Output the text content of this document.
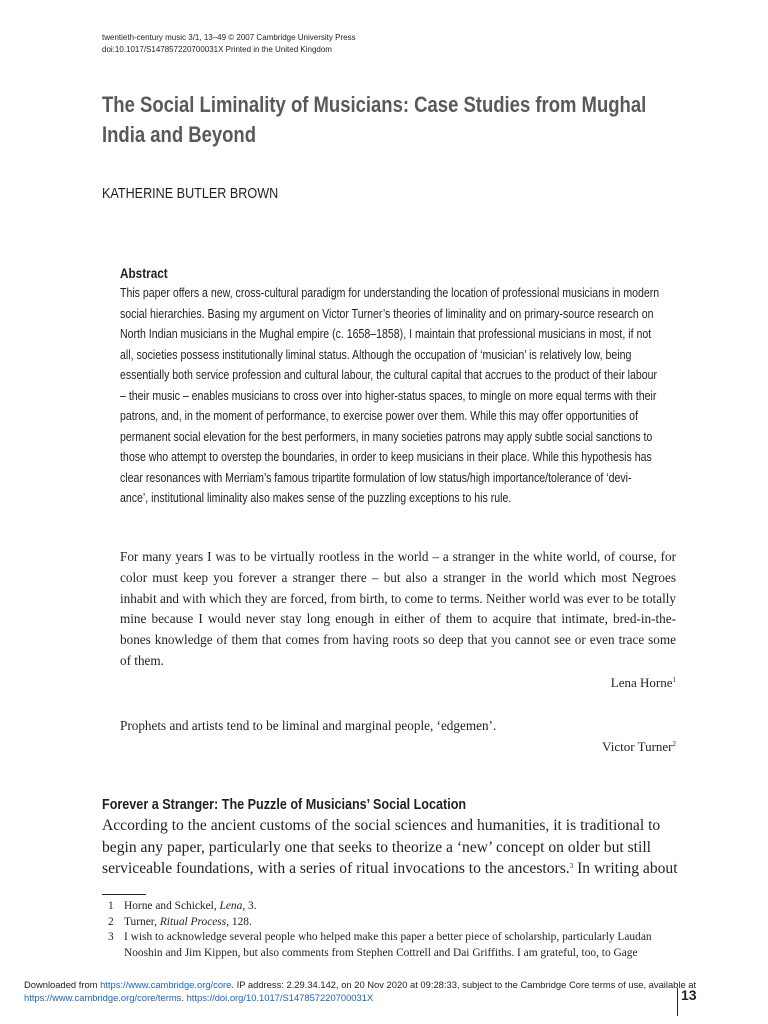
twentieth-century music 3/1, 13–49 © 2007 Cambridge University Press
doi:10.1017/S147857220700031X Printed in the United Kingdom
The Social Liminality of Musicians: Case Studies from Mughal
India and Beyond
KATHERINE BUTLER BROWN
Abstract
This paper offers a new, cross-cultural paradigm for understanding the location of professional musicians in modern
social hierarchies. Basing my argument on Victor Turner’s theories of liminality and on primary-source research on
North Indian musicians in the Mughal empire (c. 1658–1858), I maintain that professional musicians in most, if not
all, societies possess institutionally liminal status. Although the occupation of ‘musician’ is relatively low, being
essentially both service profession and cultural labour, the cultural capital that accrues to the product of their labour
– their music – enables musicians to cross over into higher-status spaces, to mingle on more equal terms with their
patrons, and, in the moment of performance, to exercise power over them. While this may offer opportunities of
permanent social elevation for the best performers, in many societies patrons may apply subtle social sanctions to
those who attempt to overstep the boundaries, in order to keep musicians in their place. While this hypothesis has
clear resonances with Merriam’s famous tripartite formulation of low status/high importance/tolerance of ‘devi-
ance’, institutional liminality also makes sense of the puzzling exceptions to his rule.

For many years I was to be virtually rootless in the world – a stranger in the white world, of course, for color must keep you forever a stranger there – but also a stranger in the world which most Negroes inhabit and with which they are forced, from birth, to come to terms. Neither world was ever to be totally mine because I would never stay long enough in either of them to acquire that intimate, bred-in-the-bones knowledge of them that comes from having roots so deep that you cannot see or even trace some of them.

Lena Horne$^1$

Prophets and artists tend to be liminal and marginal people, ‘edgemen’.

Victor Turner$^2$
Forever a Stranger: The Puzzle of Musicians’ Social Location
According to the ancient customs of the social sciences and humanities, it is traditional to
begin any paper, particularly one that seeks to theorize a ‘new’ concept on older but still
serviceable foundations, with a series of ritual invocations to the ancestors.$^3$ In writing about
1 Horne and Schickel, Lena, 3.
2 Turner, Ritual Process, 128.
3 I wish to acknowledge several people who helped make this paper a better piece of scholarship, particularly Laudan
Nooshin and Jim Kippen, but also comments from Stephen Cottrell and Dai Griffiths. I am grateful, too, to Gage
Downloaded from https://www.cambridge.org/core. IP address: 2.29.34.142, on 20 Nov 2020 at 09:28:33, subject to the Cambridge Core terms of use, available at
https://www.cambridge.org/core/terms. https://doi.org/10.1017/S147857220700031X	13
